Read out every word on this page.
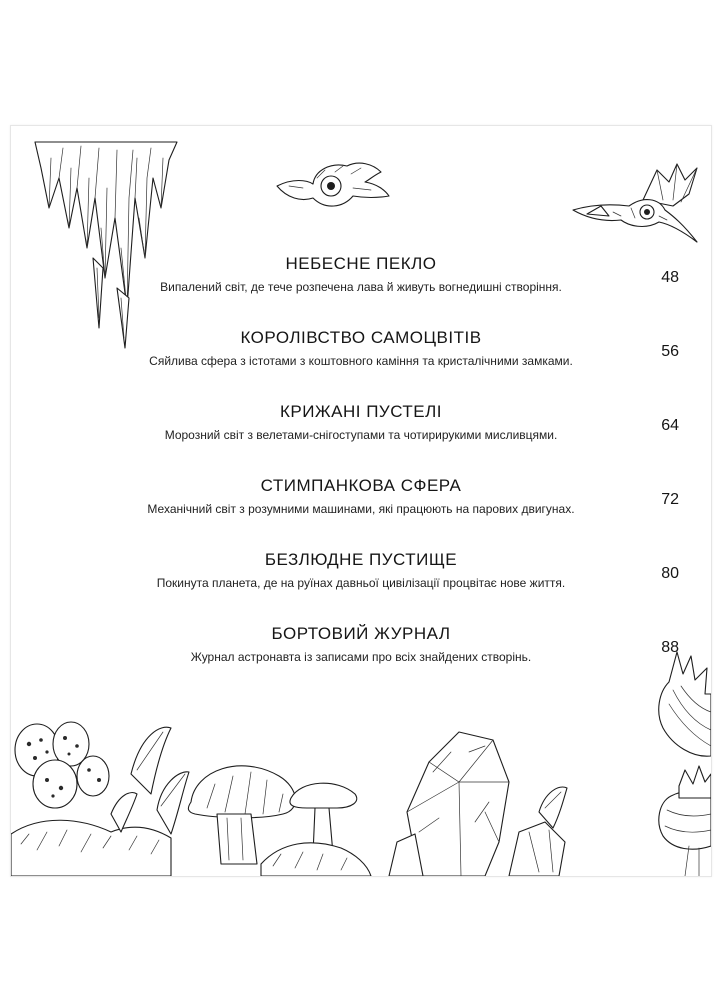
НЕБЕСНЕ ПЕКЛО
Випалений світ, де тече розпечена лава й живуть вогнедишні створіння.
48
КОРОЛІВСТВО САМОЦВІТІВ
Сяйлива сфера з істотами з коштовного каміння та кристалічними замками.
56
КРИЖАНІ ПУСТЕЛІ
Морозний світ з велетами-снігоступами та чотирирукими мисливцями.
64
СТИМПАНКОВА СФЕРА
Механічний світ з розумними машинами, які працюють на парових двигунах.
72
БЕЗЛЮДНЕ ПУСТИЩЕ
Покинута планета, де на руїнах давньої цивілізації процвітає нове життя.
80
БОРТОВИЙ ЖУРНАЛ
Журнал астронавта із записами про всіх знайдених створінь.
88
